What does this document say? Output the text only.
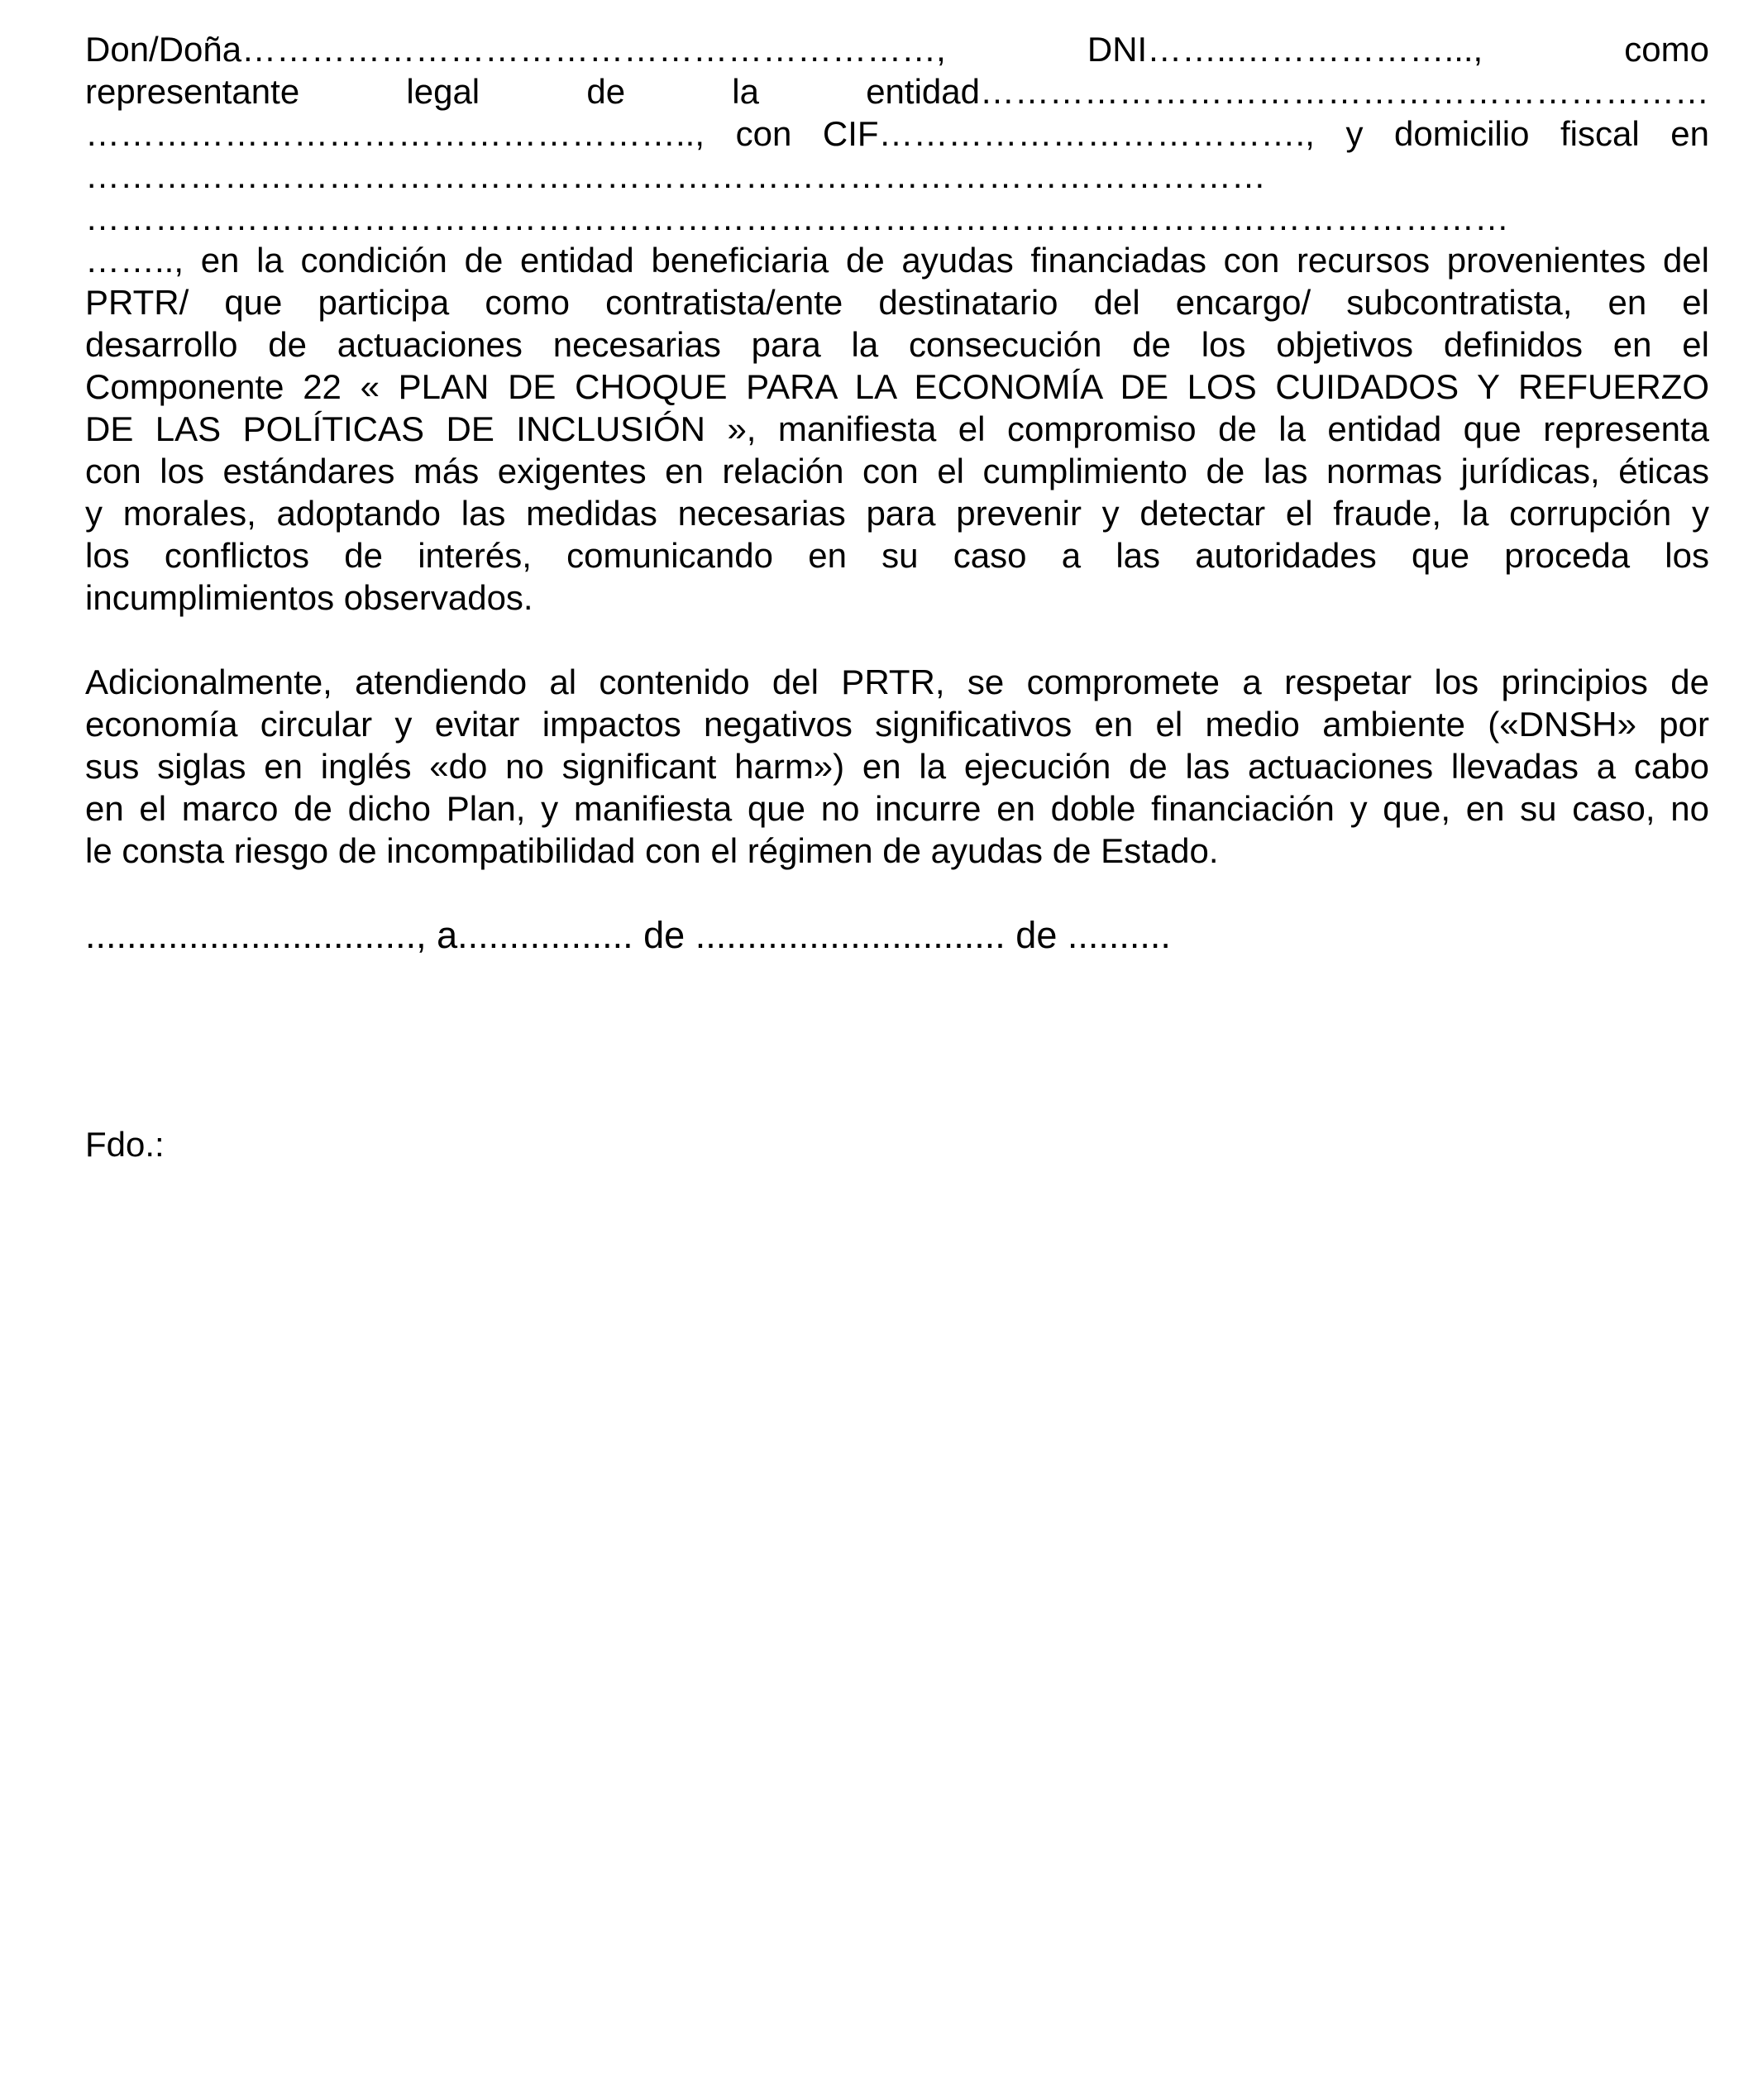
Don/Doña……………………………………………………, DNI……..………………..., como
representante legal de la entidad………………………………………………………
…………………………………………….., con CIF………………………………., y domicilio fiscal en
…………………………………………………………………………………………
……………………………………………………………………………………………………………
…….., en la condición de entidad beneficiaria de ayudas financiadas con recursos provenientes del
PRTR/ que participa como contratista/ente destinatario del encargo/ subcontratista, en el
desarrollo de actuaciones necesarias para la consecución de los objetivos definidos en el
Componente 22 « PLAN DE CHOQUE PARA LA ECONOMÍA DE LOS CUIDADOS Y REFUERZO
DE LAS POLÍTICAS DE INCLUSIÓN », manifiesta el compromiso de la entidad que representa
con los estándares más exigentes en relación con el cumplimiento de las normas jurídicas, éticas
y morales, adoptando las medidas necesarias para prevenir y detectar el fraude, la corrupción y
los conflictos de interés, comunicando en su caso a las autoridades que proceda los
incumplimientos observados.
Adicionalmente, atendiendo al contenido del PRTR, se compromete a respetar los principios de
economía circular y evitar impactos negativos significativos en el medio ambiente («DNSH» por
sus siglas en inglés «do no significant harm») en la ejecución de las actuaciones llevadas a cabo
en el marco de dicho Plan, y manifiesta que no incurre en doble financiación y que, en su caso, no
le consta riesgo de incompatibilidad con el régimen de ayudas de Estado.
................................, a................. de .............................. de ..........
Fdo.:
